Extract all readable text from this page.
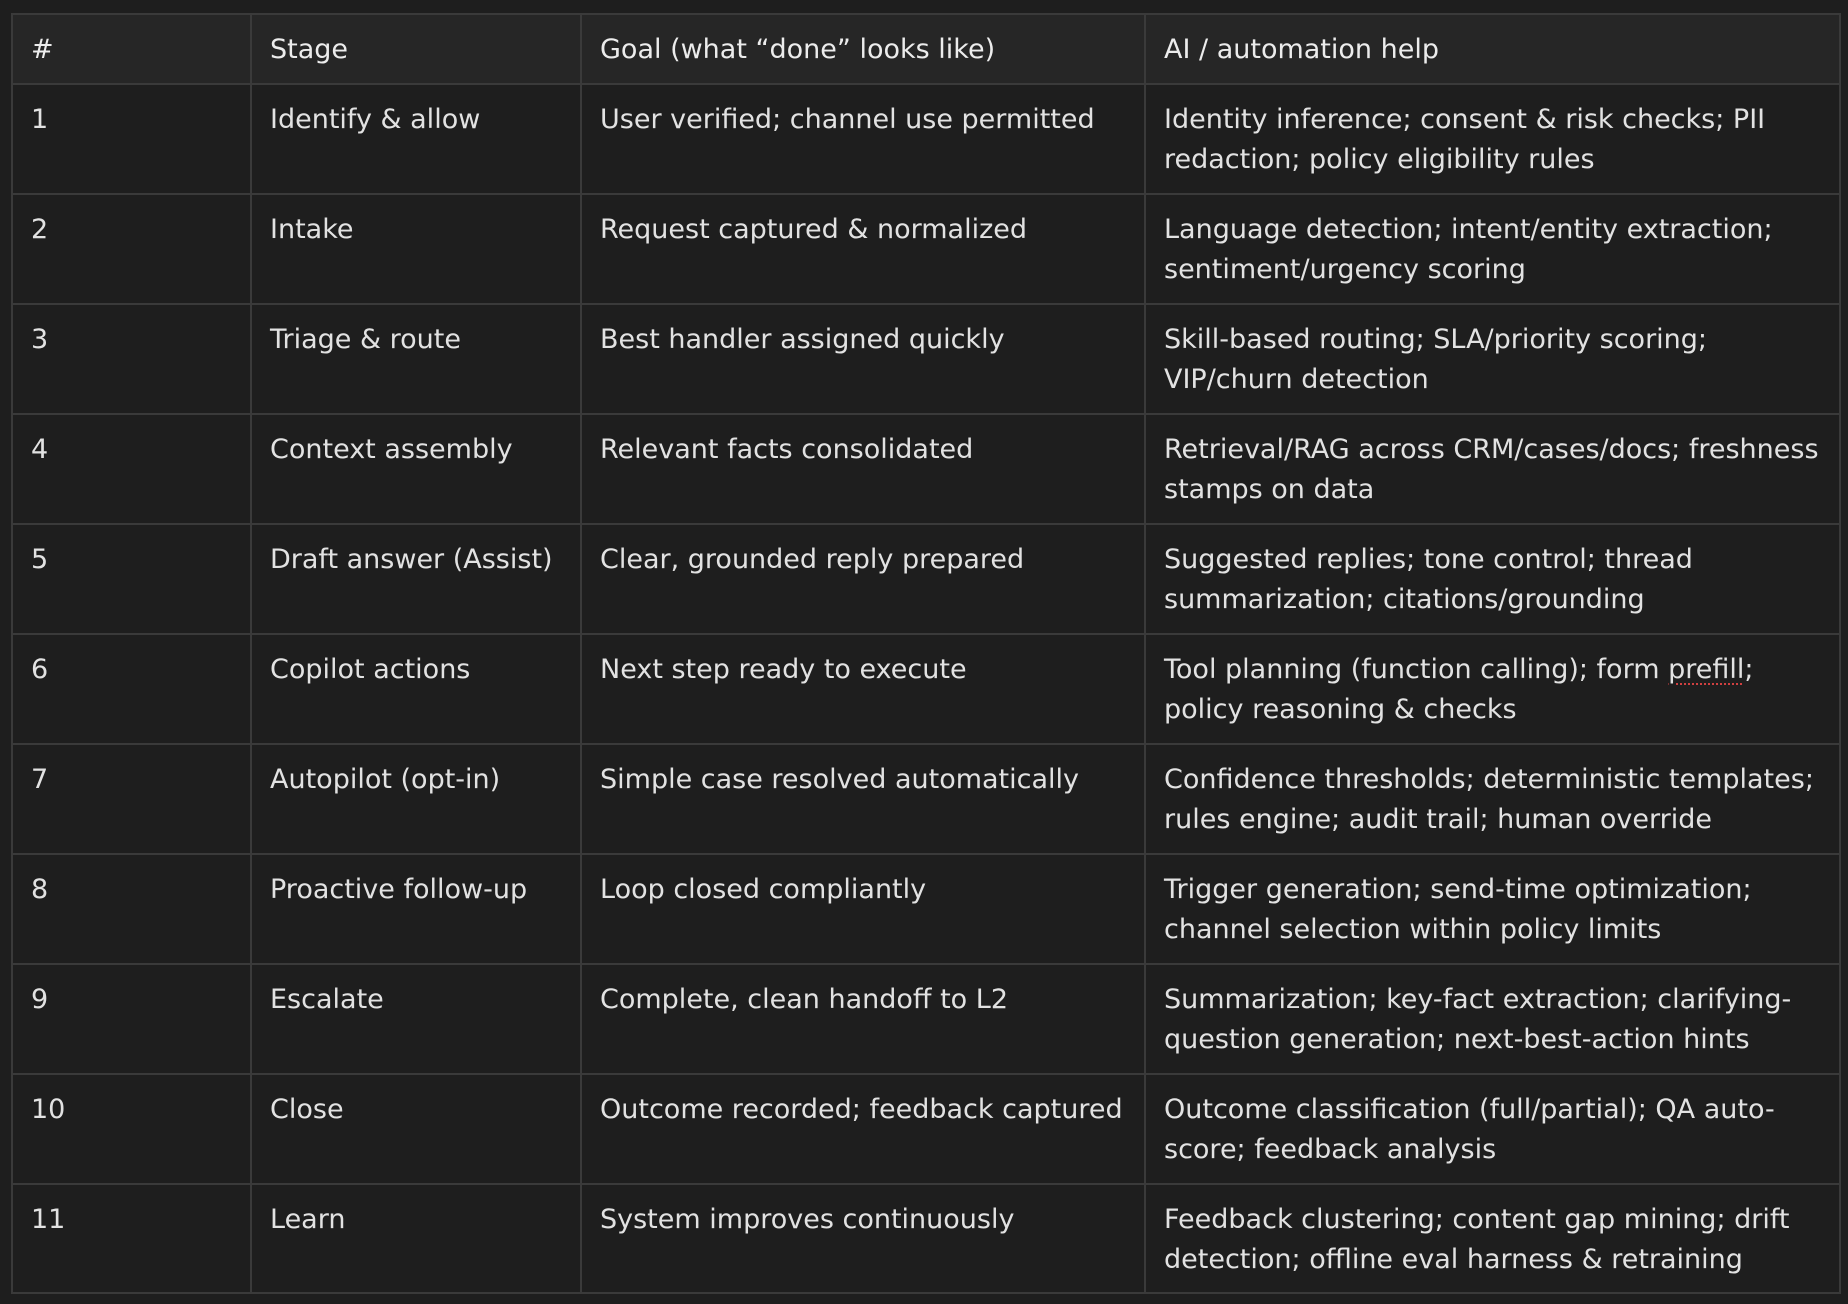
#	Stage	Goal (what “done” looks like)	AI / automation help
1	Identify & allow	User verified; channel use permitted	Identity inference; consent & risk checks; PII redaction; policy eligibility rules
2	Intake	Request captured & normalized	Language detection; intent/entity extraction; sentiment/urgency scoring
3	Triage & route	Best handler assigned quickly	Skill-based routing; SLA/priority scoring; VIP/churn detection
4	Context assembly	Relevant facts consolidated	Retrieval/RAG across CRM/cases/docs; freshness stamps on data
5	Draft answer (Assist)	Clear, grounded reply prepared	Suggested replies; tone control; thread summarization; citations/grounding
6	Copilot actions	Next step ready to execute	Tool planning (function calling); form prefill; policy reasoning & checks
7	Autopilot (opt-in)	Simple case resolved automatically	Confidence thresholds; deterministic templates; rules engine; audit trail; human override
8	Proactive follow-up	Loop closed compliantly	Trigger generation; send-time optimization; channel selection within policy limits
9	Escalate	Complete, clean handoff to L2	Summarization; key-fact extraction; clarifying-question generation; next-best-action hints
10	Close	Outcome recorded; feedback captured	Outcome classification (full/partial); QA auto-score; feedback analysis
11	Learn	System improves continuously	Feedback clustering; content gap mining; drift detection; offline eval harness & retraining
